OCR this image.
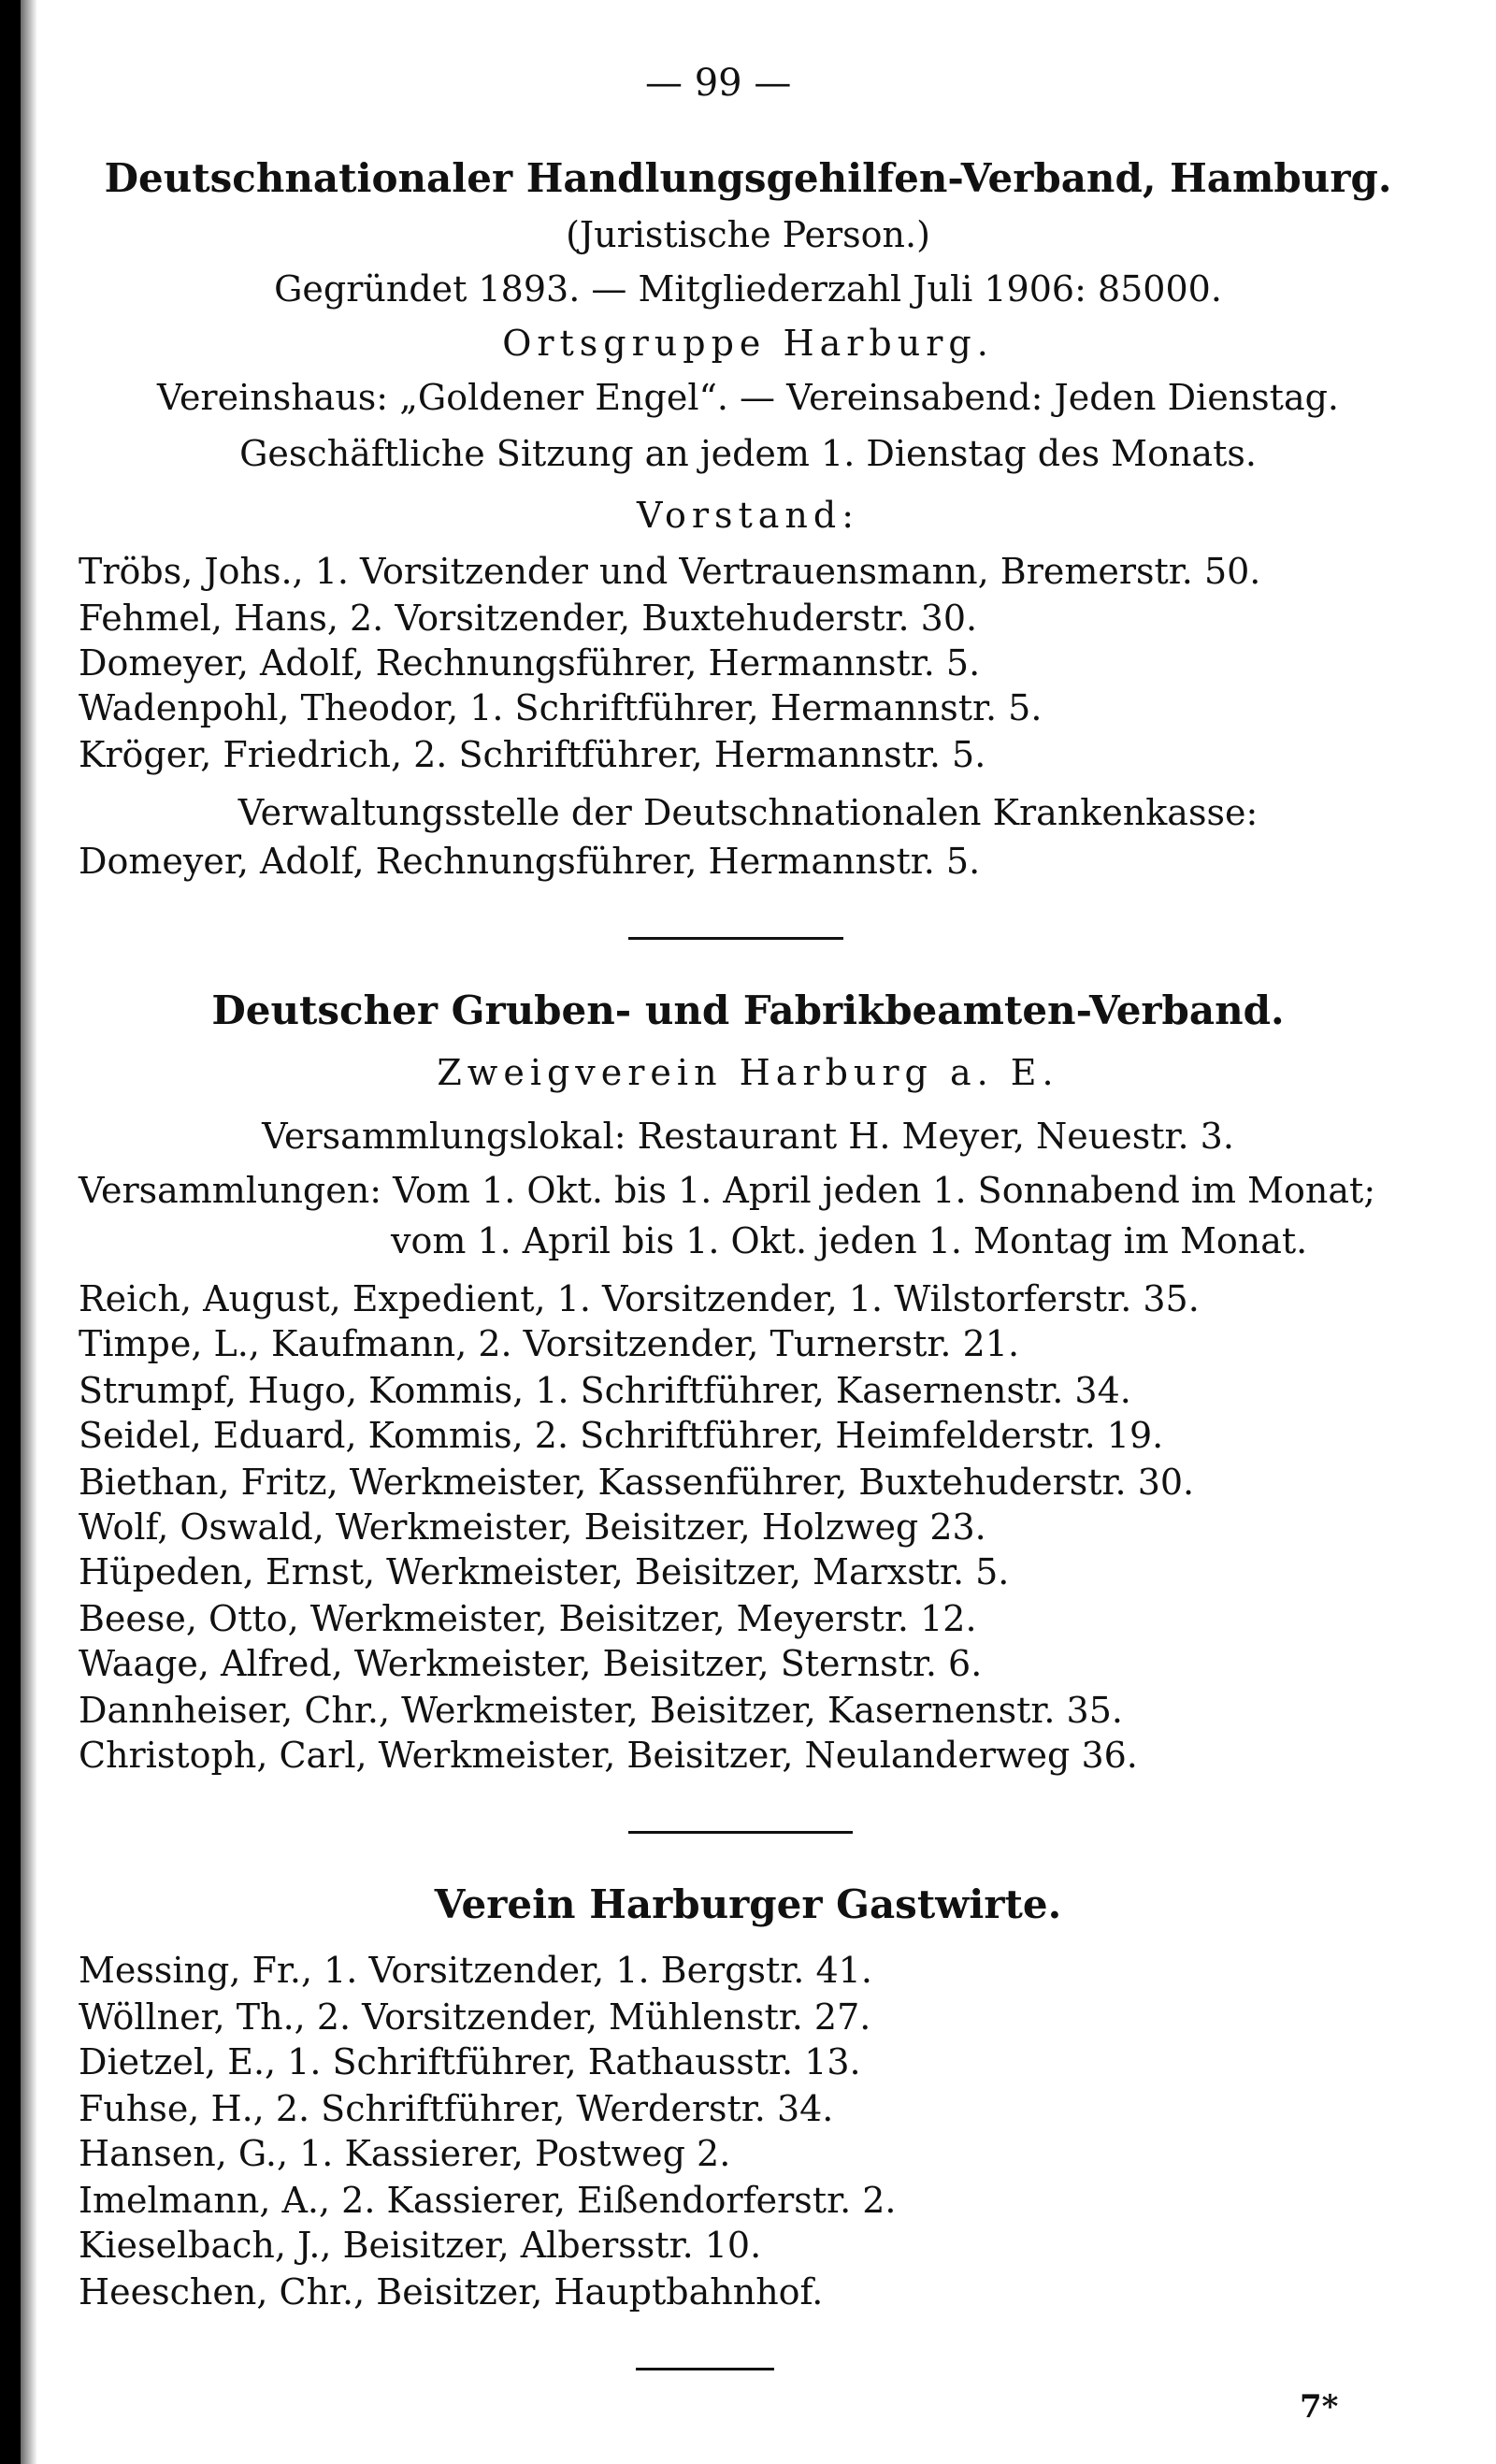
— 99 —
Deutschnationaler Handlungsgehilfen-Verband, Hamburg.
(Juristische Person.)
Gegründet 1893. — Mitgliederzahl Juli 1906: 85000.
Ortsgruppe Harburg.
Vereinshaus: „Goldener Engel“. — Vereinsabend: Jeden Dienstag.
Geschäftliche Sitzung an jedem 1. Dienstag des Monats.
Vorstand:
Tröbs, Johs., 1. Vorsitzender und Vertrauensmann, Bremerstr. 50.
Fehmel, Hans, 2. Vorsitzender, Buxtehuderstr. 30.
Domeyer, Adolf, Rechnungsführer, Hermannstr. 5.
Wadenpohl, Theodor, 1. Schriftführer, Hermannstr. 5.
Kröger, Friedrich, 2. Schriftführer, Hermannstr. 5.
Verwaltungsstelle der Deutschnationalen Krankenkasse:
Domeyer, Adolf, Rechnungsführer, Hermannstr. 5.
Deutscher Gruben- und Fabrikbeamten-Verband.
Zweigverein Harburg a. E.
Versammlungslokal: Restaurant H. Meyer, Neuestr. 3.
Versammlungen: Vom 1. Okt. bis 1. April jeden 1. Sonnabend im Monat;
vom 1. April bis 1. Okt. jeden 1. Montag im Monat.
Reich, August, Expedient, 1. Vorsitzender, 1. Wilstorferstr. 35.
Timpe, L., Kaufmann, 2. Vorsitzender, Turnerstr. 21.
Strumpf, Hugo, Kommis, 1. Schriftführer, Kasernenstr. 34.
Seidel, Eduard, Kommis, 2. Schriftführer, Heimfelderstr. 19.
Biethan, Fritz, Werkmeister, Kassenführer, Buxtehuderstr. 30.
Wolf, Oswald, Werkmeister, Beisitzer, Holzweg 23.
Hüpeden, Ernst, Werkmeister, Beisitzer, Marxstr. 5.
Beese, Otto, Werkmeister, Beisitzer, Meyerstr. 12.
Waage, Alfred, Werkmeister, Beisitzer, Sternstr. 6.
Dannheiser, Chr., Werkmeister, Beisitzer, Kasernenstr. 35.
Christoph, Carl, Werkmeister, Beisitzer, Neulanderweg 36.
Verein Harburger Gastwirte.
Messing, Fr., 1. Vorsitzender, 1. Bergstr. 41.
Wöllner, Th., 2. Vorsitzender, Mühlenstr. 27.
Dietzel, E., 1. Schriftführer, Rathausstr. 13.
Fuhse, H., 2. Schriftführer, Werderstr. 34.
Hansen, G., 1. Kassierer, Postweg 2.
Imelmann, A., 2. Kassierer, Eißendorferstr. 2.
Kieselbach, J., Beisitzer, Albersstr. 10.
Heeschen, Chr., Beisitzer, Hauptbahnhof.
7*
